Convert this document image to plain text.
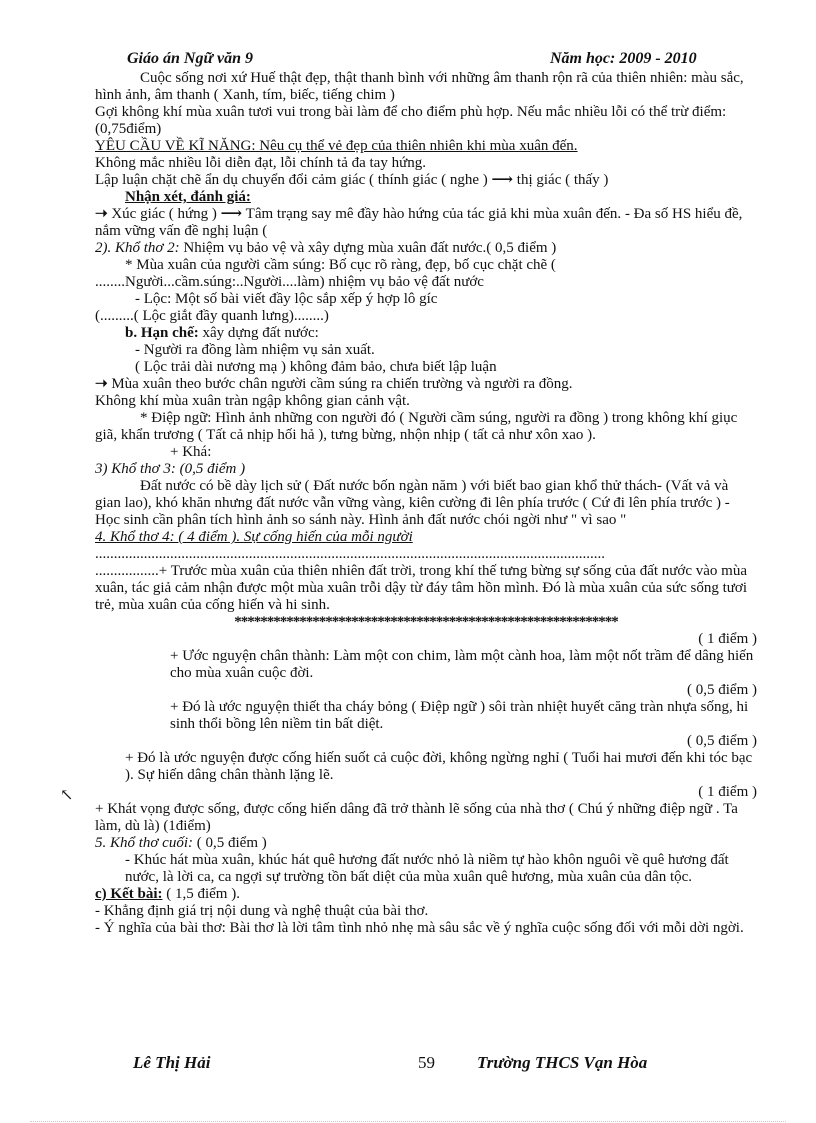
Giáo án Ngữ văn 9	Năm học: 2009 - 2010

Cuộc sống nơi xứ Huế thật đẹp, thật thanh bình với những âm thanh rộn rã của thiên nhiên: màu sắc, hình ảnh, âm thanh ( Xanh, tím, biếc, tiếng chim )

Gợi không khí mùa xuân tươi vui trong bài làm để cho điểm phù hợp. Nếu mắc nhiều lỗi có thể trừ điểm: (0,75điểm)

YÊU CẦU VỀ KĨ NĂNG: Nêu cụ thể vẻ đẹp của thiên nhiên khi mùa xuân đến.

Không mắc nhiều lỗi diễn đạt, lỗi chính tả đa tay hứng.

Lập luận chặt chẽ ẩn dụ chuyển đổi cảm giác ( thính giác ( nghe ) ⟶ thị giác ( thấy )

Nhận xét, đánh giá:

➝ Xúc giác ( hứng ) ⟶ Tâm trạng say mê đầy hào hứng của tác giả khi mùa xuân đến. - Đa số HS hiểu đề, nắm vững vấn đề nghị luận (

2). Khổ thơ 2: Nhiệm vụ bảo vệ và xây dựng mùa xuân đất nước.( 0,5 điểm )

* Mùa xuân của người cầm súng: Bố cục rõ ràng, đẹp, bố cục chặt chẽ (

........Người...cầm.súng:..Người....làm) nhiệm vụ bảo vệ đất nước

- Lộc: Một số bài viết đầy lộc sắp xếp ý hợp lô gíc

(.........( Lộc giắt đầy quanh lưng)........)

b. Hạn chế: xây dựng đất nước:

- Người ra đồng làm nhiệm vụ sản xuất.

( Lộc trải dài nương mạ ) không đảm bảo, chưa biết lập luận

➝ Mùa xuân theo bước chân người cầm súng ra chiến trường và người ra đồng.

Không khí mùa xuân tràn ngập không gian cảnh vật.

* Điệp ngữ: Hình ảnh những con người đó ( Người cầm súng, người ra đồng ) trong không khí giục giã, khẩn trương ( Tất cả nhịp hối hả ), tưng bừng, nhộn nhịp ( tất cả như xôn xao ).

+ Khá:

3) Khổ thơ 3: (0,5 điểm )

Đất nước có bề dày lịch sử ( Đất nước bốn ngàn năm ) với biết bao gian khổ thử thách- (Vất vả và gian lao), khó khăn nhưng đất nước vẫn vững vàng, kiên cường đi lên phía trước ( Cứ đi lên phía trước ) - Học sinh cần phân tích hình ảnh so sánh này. Hình ảnh đất nước chói ngời như " vì sao "

4. Khổ thơ 4: ( 4 điểm ). Sự cống hiến của mỗi người

........................................................................................................................................

.................+ Trước mùa xuân của thiên nhiên đất trời, trong khí thế tưng bừng sự sống của đất nước vào mùa xuân, tác giả cảm nhận được một mùa xuân trỗi dậy từ đáy tâm hồn mình. Đó là mùa xuân của sức sống tươi trẻ, mùa xuân của cống hiến và hi sinh.

***********************************************************

( 1 điểm )

+ Ước nguyện chân thành: Làm một con chim, làm một cành hoa, làm một nốt trầm để dâng hiến cho mùa xuân cuộc đời.

( 0,5 điểm )

+ Đó là ước nguyện thiết tha cháy bỏng ( Điệp ngữ ) sôi tràn nhiệt huyết căng tràn nhựa sống, hi sinh thổi bồng lên niềm tin bất diệt.

( 0,5 điểm )

+ Đó là ước nguyện được cống hiến suốt cả cuộc đời, không ngừng nghỉ ( Tuổi hai mươi đến khi tóc bạc ). Sự hiến dâng chân thành lặng lẽ.

( 1 điểm )

+ Khát vọng được sống, được cống hiến dâng đã trở thành lẽ sống của nhà thơ ( Chú ý những điệp ngữ . Ta làm, dù là) (1điểm)

5. Khổ thơ cuối: ( 0,5 điểm )

- Khúc hát mùa xuân, khúc hát quê hương đất nước nhỏ là niềm tự hào khôn nguôi về quê hương đất nước, là lời ca, ca ngợi sự trường tồn bất diệt của mùa xuân quê hương, mùa xuân của dân tộc.

c) Kết bài: ( 1,5 điểm ).

- Khẳng định giá trị nội dung và nghệ thuật của bài thơ.

- Ý nghĩa của bài thơ: Bài thơ là lời tâm tình nhỏ nhẹ mà sâu sắc về ý nghĩa cuộc sống đối với mỗi dời ngời.

↖
Lê Thị Hải	59 Trường THCS Vạn Hòa
